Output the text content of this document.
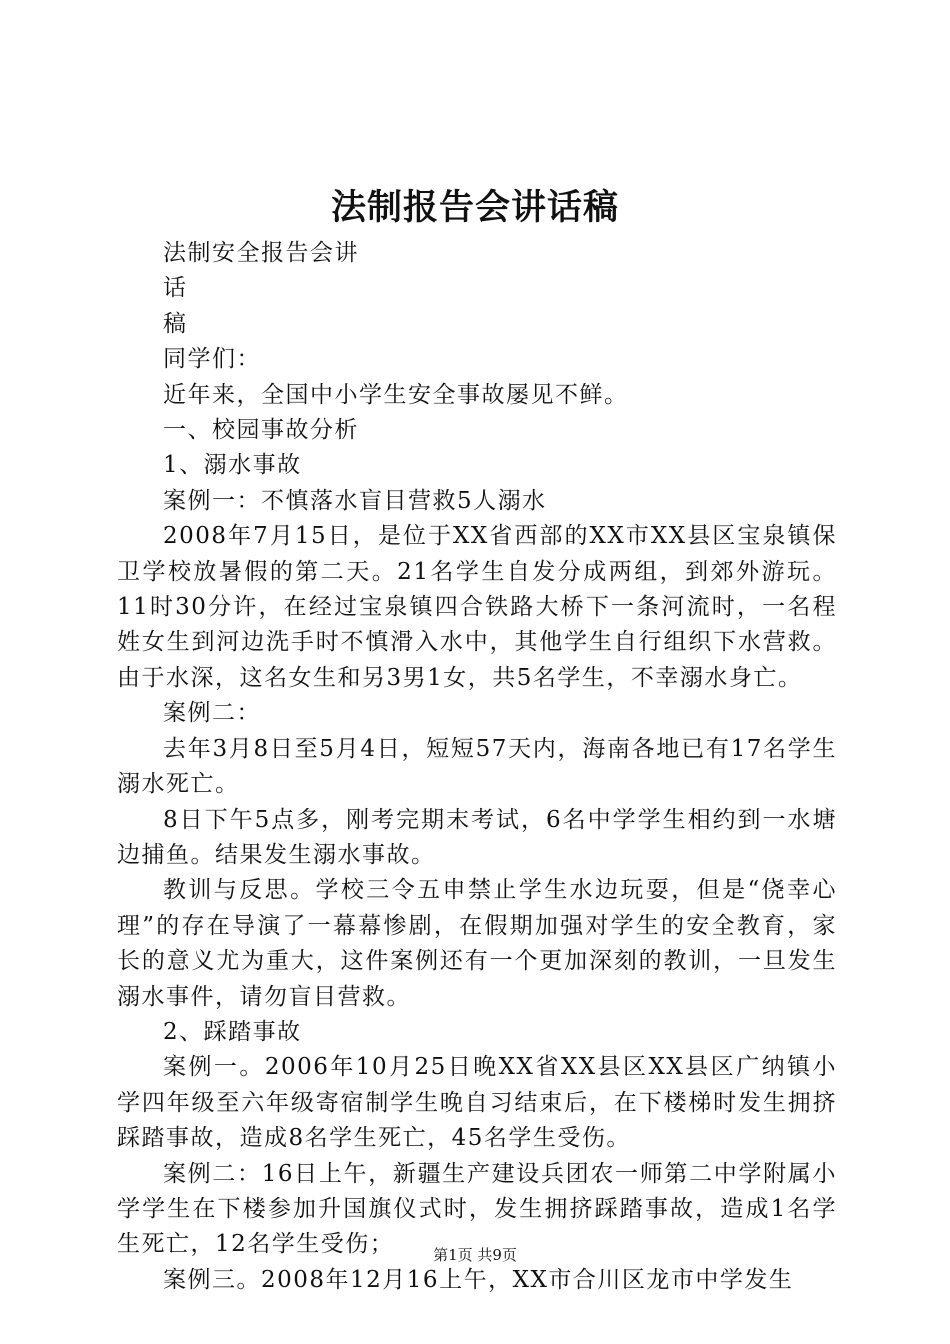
法制报告会讲话稿

法制安全报告会讲

话

稿

同学们：

近年来，全国中小学生安全事故屡见不鲜。

一、校园事故分析

1、溺水事故

案例一：不慎落水盲目营救5人溺水

2008年7月15日，是位于XX省西部的XX市XX县区宝泉镇保卫学校放暑假的第二天。21名学生自发分成两组，到郊外游玩。11时30分许，在经过宝泉镇四合铁路大桥下一条河流时，一名程姓女生到河边洗手时不慎滑入水中，其他学生自行组织下水营救。由于水深，这名女生和另3男1女，共5名学生，不幸溺水身亡。

案例二：

去年3月8日至5月4日，短短57天内，海南各地已有17名学生溺水死亡。

8日下午5点多，刚考完期末考试，6名中学学生相约到一水塘边捕鱼。结果发生溺水事故。

教训与反思。学校三令五申禁止学生水边玩耍，但是“侥幸心理”的存在导演了一幕幕惨剧，在假期加强对学生的安全教育，家长的意义尤为重大，这件案例还有一个更加深刻的教训，一旦发生溺水事件，请勿盲目营救。

2、踩踏事故

案例一。2006年10月25日晚XX省XX县区XX县区广纳镇小学四年级至六年级寄宿制学生晚自习结束后，在下楼梯时发生拥挤踩踏事故，造成8名学生死亡，45名学生受伤。

案例二：16日上午，新疆生产建设兵团农一师第二中学附属小学学生在下楼参加升国旗仪式时，发生拥挤踩踏事故，造成1名学生死亡，12名学生受伤；

案例三。2008年12月16上午，XX市合川区龙市中学发生

第1页 共9页
